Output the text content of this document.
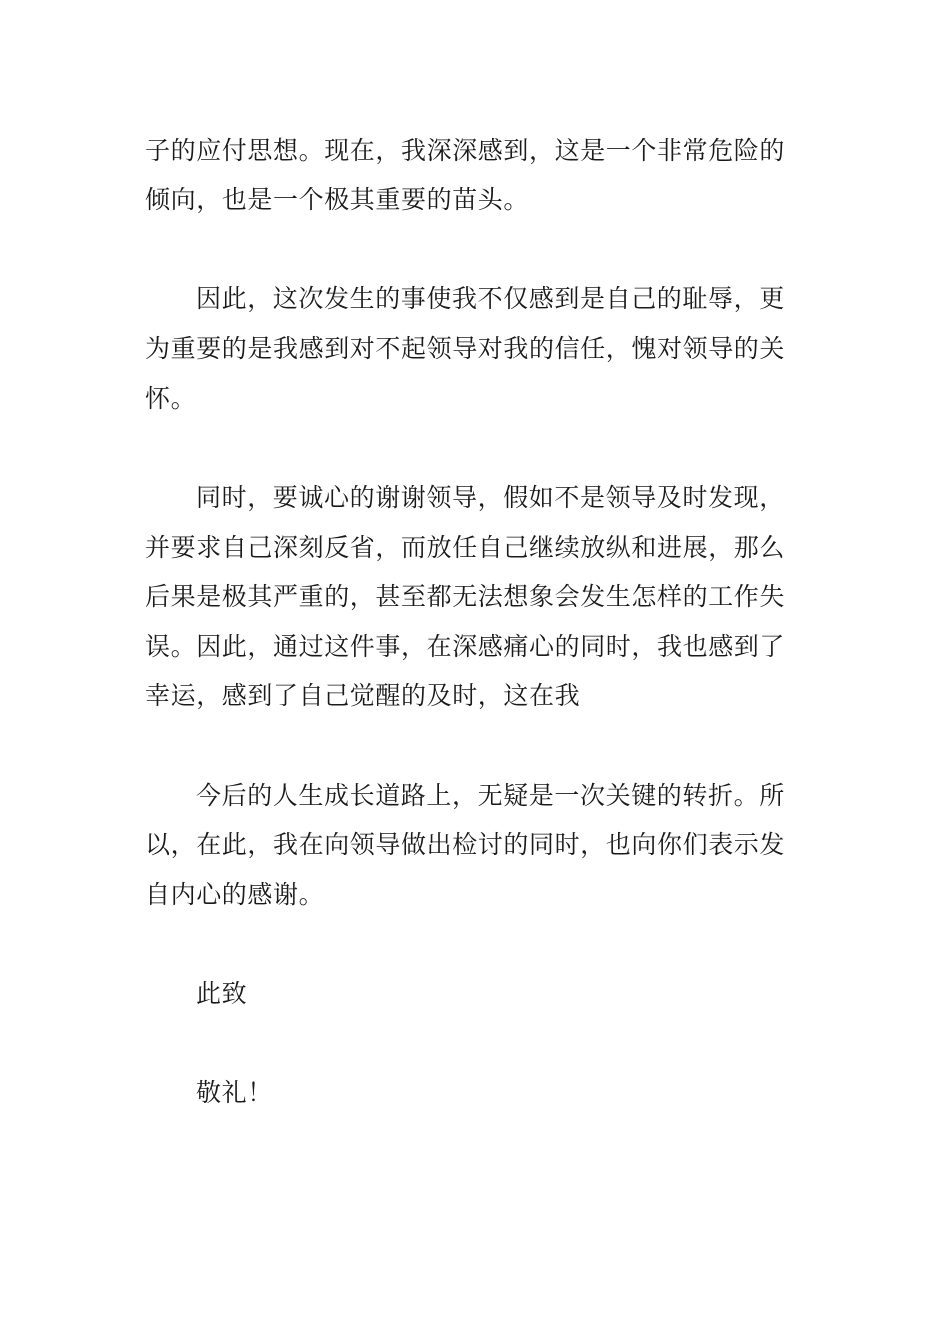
子的应付思想。现在，我深深感到，这是一个非常危险的
倾向，也是一个极其重要的苗头。
因此，这次发生的事使我不仅感到是自己的耻辱，更
为重要的是我感到对不起领导对我的信任，愧对领导的关
怀。
同时，要诚心的谢谢领导，假如不是领导及时发现，
并要求自己深刻反省，而放任自己继续放纵和进展，那么
后果是极其严重的，甚至都无法想象会发生怎样的工作失
误。因此，通过这件事，在深感痛心的同时，我也感到了
幸运，感到了自己觉醒的及时，这在我
今后的人生成长道路上，无疑是一次关键的转折。所
以，在此，我在向领导做出检讨的同时，也向你们表示发
自内心的感谢。
此致
敬礼！
